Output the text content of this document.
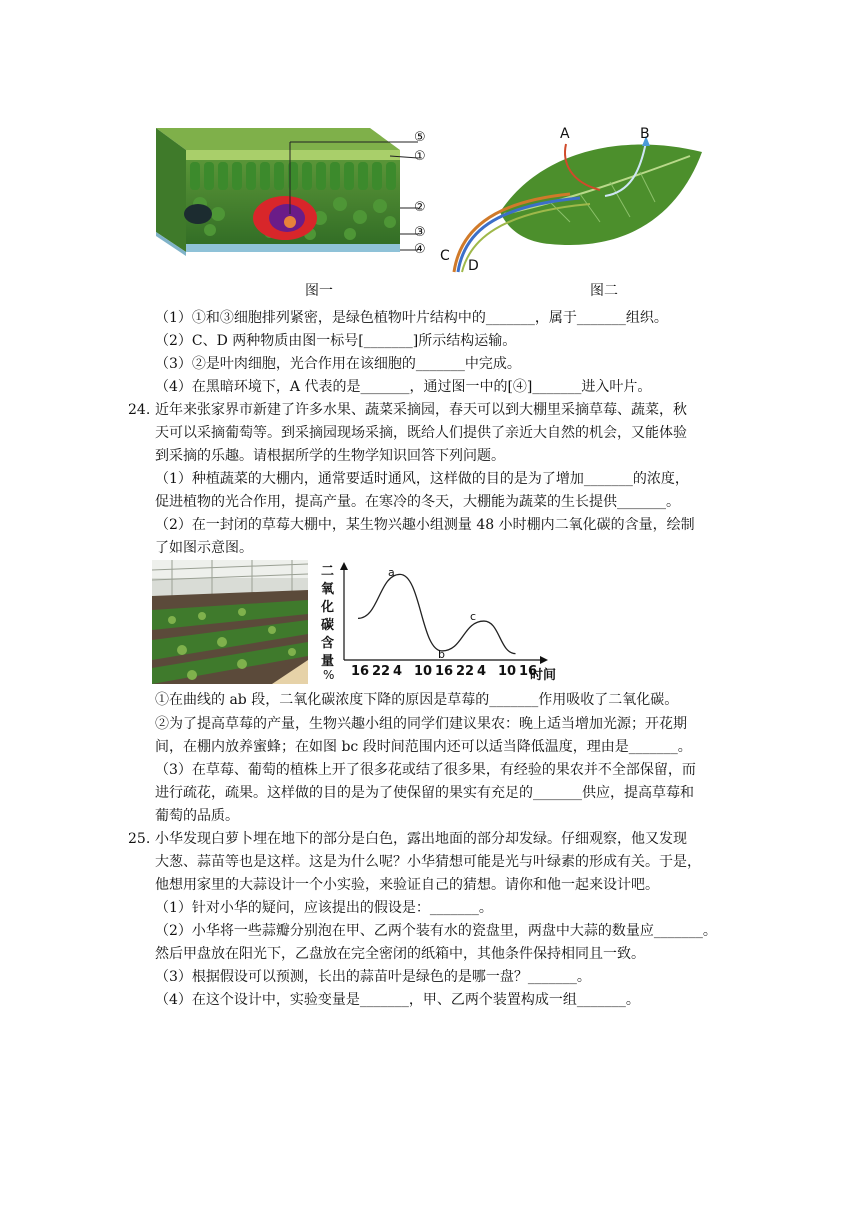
⑤
①
②
③
④
图一
A	B
C
D
图二
（1）①和③细胞排列紧密，是绿色植物叶片结构中的_______，属于_______组织。
（2）C、D 两种物质由图一标号[_______]所示结构运输。
（3）②是叶肉细胞，光合作用在该细胞的_______中完成。
（4）在黑暗环境下，A 代表的是_______，通过图一中的[④]_______进入叶片。
24. 近年来张家界市新建了许多水果、蔬菜采摘园，春天可以到大棚里采摘草莓、蔬菜，秋
天可以采摘葡萄等。到采摘园现场采摘，既给人们提供了亲近大自然的机会，又能体验
到采摘的乐趣。请根据所学的生物学知识回答下列问题。
（1）种植蔬菜的大棚内，通常要适时通风，这样做的目的是为了增加_______的浓度，
促进植物的光合作用，提高产量。在寒冷的冬天，大棚能为蔬菜的生长提供_______。
（2）在一封闭的草莓大棚中，某生物兴趣小组测量 48 小时棚内二氧化碳的含量，绘制
了如图示意图。
二
氧
化
碳
含
量
% 16 22 4 10 16 22 4 10 16
时间
a
b
c
①在曲线的 ab 段，二氧化碳浓度下降的原因是草莓的_______作用吸收了二氧化碳。
②为了提高草莓的产量，生物兴趣小组的同学们建议果农：晚上适当增加光源；开花期
间，在棚内放养蜜蜂；在如图 bc 段时间范围内还可以适当降低温度，理由是_______。
（3）在草莓、葡萄的植株上开了很多花或结了很多果，有经验的果农并不全部保留，而
进行疏花，疏果。这样做的目的是为了使保留的果实有充足的_______供应，提高草莓和
葡萄的品质。
25. 小华发现白萝卜埋在地下的部分是白色，露出地面的部分却发绿。仔细观察，他又发现
大葱、蒜苗等也是这样。这是为什么呢？小华猜想可能是光与叶绿素的形成有关。于是，
他想用家里的大蒜设计一个小实验，来验证自己的猜想。请你和他一起来设计吧。
（1）针对小华的疑问，应该提出的假设是：_______。
（2）小华将一些蒜瓣分别泡在甲、乙两个装有水的瓷盘里，两盘中大蒜的数量应_______。
然后甲盘放在阳光下，乙盘放在完全密闭的纸箱中，其他条件保持相同且一致。
（3）根据假设可以预测，长出的蒜苗叶是绿色的是哪一盘？_______。
（4）在这个设计中，实验变量是_______，甲、乙两个装置构成一组_______。
